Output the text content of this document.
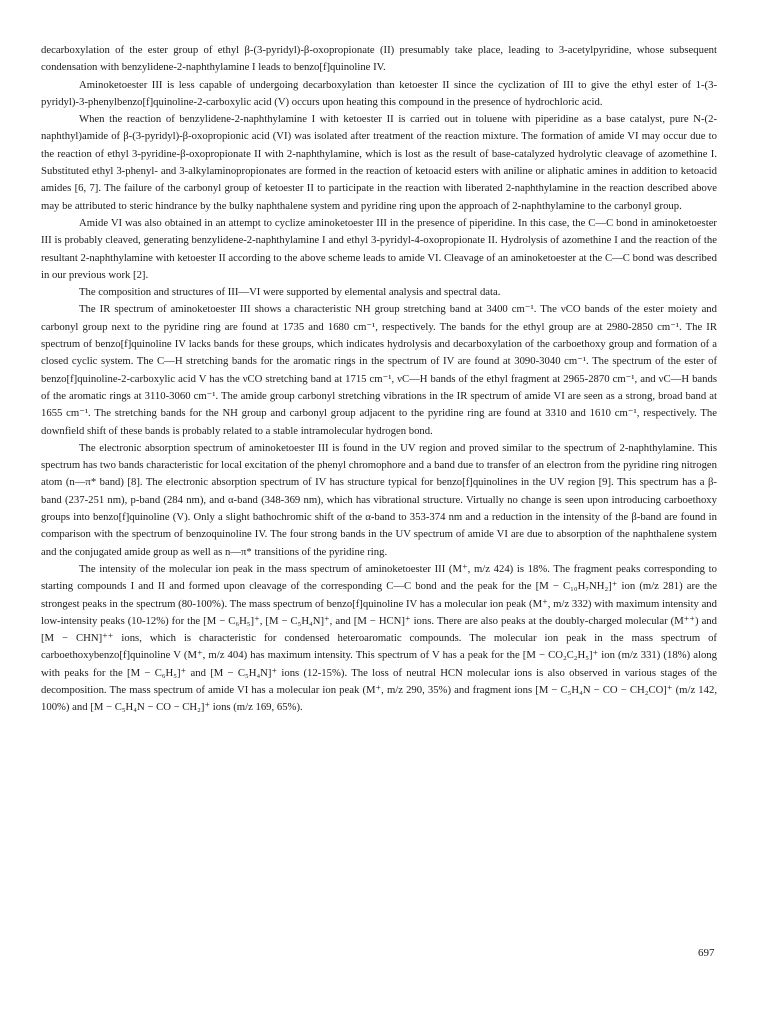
decarboxylation of the ester group of ethyl β-(3-pyridyl)-β-oxopropionate (II) presumably take place, leading to 3-acetylpyridine, whose subsequent condensation with benzylidene-2-naphthylamine I leads to benzo[f]quinoline IV.

Aminoketoester III is less capable of undergoing decarboxylation than ketoester II since the cyclization of III to give the ethyl ester of 1-(3-pyridyl)-3-phenylbenzo[f]quinoline-2-carboxylic acid (V) occurs upon heating this compound in the presence of hydrochloric acid.

When the reaction of benzylidene-2-naphthylamine I with ketoester II is carried out in toluene with piperidine as a base catalyst, pure N-(2-naphthyl)amide of β-(3-pyridyl)-β-oxopropionic acid (VI) was isolated after treatment of the reaction mixture. The formation of amide VI may occur due to the reaction of ethyl 3-pyridine-β-oxopropionate II with 2-naphthylamine, which is lost as the result of base-catalyzed hydrolytic cleavage of azomethine I. Substituted ethyl 3-phenyl- and 3-alkylaminopropionates are formed in the reaction of ketoacid esters with aniline or aliphatic amines in addition to ketoacid amides [6, 7]. The failure of the carbonyl group of ketoester II to participate in the reaction with liberated 2-naphthylamine in the reaction described above may be attributed to steric hindrance by the bulky naphthalene system and pyridine ring upon the approach of 2-naphthylamine to the carbonyl group.

Amide VI was also obtained in an attempt to cyclize aminoketoester III in the presence of piperidine. In this case, the C—C bond in aminoketoester III is probably cleaved, generating benzylidene-2-naphthylamine I and ethyl 3-pyridyl-4-oxopropionate II. Hydrolysis of azomethine I and the reaction of the resultant 2-naphthylamine with ketoester II according to the above scheme leads to amide VI. Cleavage of an aminoketoester at the C—C bond was described in our previous work [2].

The composition and structures of III—VI were supported by elemental analysis and spectral data.

The IR spectrum of aminoketoester III shows a characteristic NH group stretching band at 3400 cm⁻¹. The νCO bands of the ester moiety and carbonyl group next to the pyridine ring are found at 1735 and 1680 cm⁻¹, respectively. The bands for the ethyl group are at 2980-2850 cm⁻¹. The IR spectrum of benzo[f]quinoline IV lacks bands for these groups, which indicates hydrolysis and decarboxylation of the carboethoxy group and formation of a closed cyclic system. The C—H stretching bands for the aromatic rings in the spectrum of IV are found at 3090-3040 cm⁻¹. The spectrum of the ester of benzo[f]quinoline-2-carboxylic acid V has the νCO stretching band at 1715 cm⁻¹, νC—H bands of the ethyl fragment at 2965-2870 cm⁻¹, and νC—H bands of the aromatic rings at 3110-3060 cm⁻¹. The amide group carbonyl stretching vibrations in the IR spectrum of amide VI are seen as a strong, broad band at 1655 cm⁻¹. The stretching bands for the NH group and carbonyl group adjacent to the pyridine ring are found at 3310 and 1610 cm⁻¹, respectively. The downfield shift of these bands is probably related to a stable intramolecular hydrogen bond.

The electronic absorption spectrum of aminoketoester III is found in the UV region and proved similar to the spectrum of 2-naphthylamine. This spectrum has two bands characteristic for local excitation of the phenyl chromophore and a band due to transfer of an electron from the pyridine ring nitrogen atom (n—π* band) [8]. The electronic absorption spectrum of IV has structure typical for benzo[f]quinolines in the UV region [9]. This spectrum has a β-band (237-251 nm), p-band (284 nm), and α-band (348-369 nm), which has vibrational structure. Virtually no change is seen upon introducing carboethoxy groups into benzo[f]quinoline (V). Only a slight bathochromic shift of the α-band to 353-374 nm and a reduction in the intensity of the β-band are found in comparison with the spectrum of benzoquinoline IV. The four strong bands in the UV spectrum of amide VI are due to absorption of the naphthalene system and the conjugated amide group as well as n—π* transitions of the pyridine ring.

The intensity of the molecular ion peak in the mass spectrum of aminoketoester III (M⁺, m/z 424) is 18%. The fragment peaks corresponding to starting compounds I and II and formed upon cleavage of the corresponding C—C bond and the peak for the [M − C₁₀H₇NH₂]⁺ ion (m/z 281) are the strongest peaks in the spectrum (80-100%). The mass spectrum of benzo[f]quinoline IV has a molecular ion peak (M⁺, m/z 332) with maximum intensity and low-intensity peaks (10-12%) for the [M − C₆H₅]⁺, [M − C₅H₄N]⁺, and [M − HCN]⁺ ions. There are also peaks at the doubly-charged molecular (M⁺⁺) and [M − CHN]⁺⁺ ions, which is characteristic for condensed heteroaromatic compounds. The molecular ion peak in the mass spectrum of carboethoxybenzo[f]quinoline V (M⁺, m/z 404) has maximum intensity. This spectrum of V has a peak for the [M − CO₂C₂H₅]⁺ ion (m/z 331) (18%) along with peaks for the [M − C₆H₅]⁺ and [M − C₅H₄N]⁺ ions (12-15%). The loss of neutral HCN molecular ions is also observed in various stages of the decomposition. The mass spectrum of amide VI has a molecular ion peak (M⁺, m/z 290, 35%) and fragment ions [M − C₅H₄N − CO − CH₂CO]⁺ (m/z 142, 100%) and [M − C₅H₄N − CO − CH₂]⁺ ions (m/z 169, 65%).

697
